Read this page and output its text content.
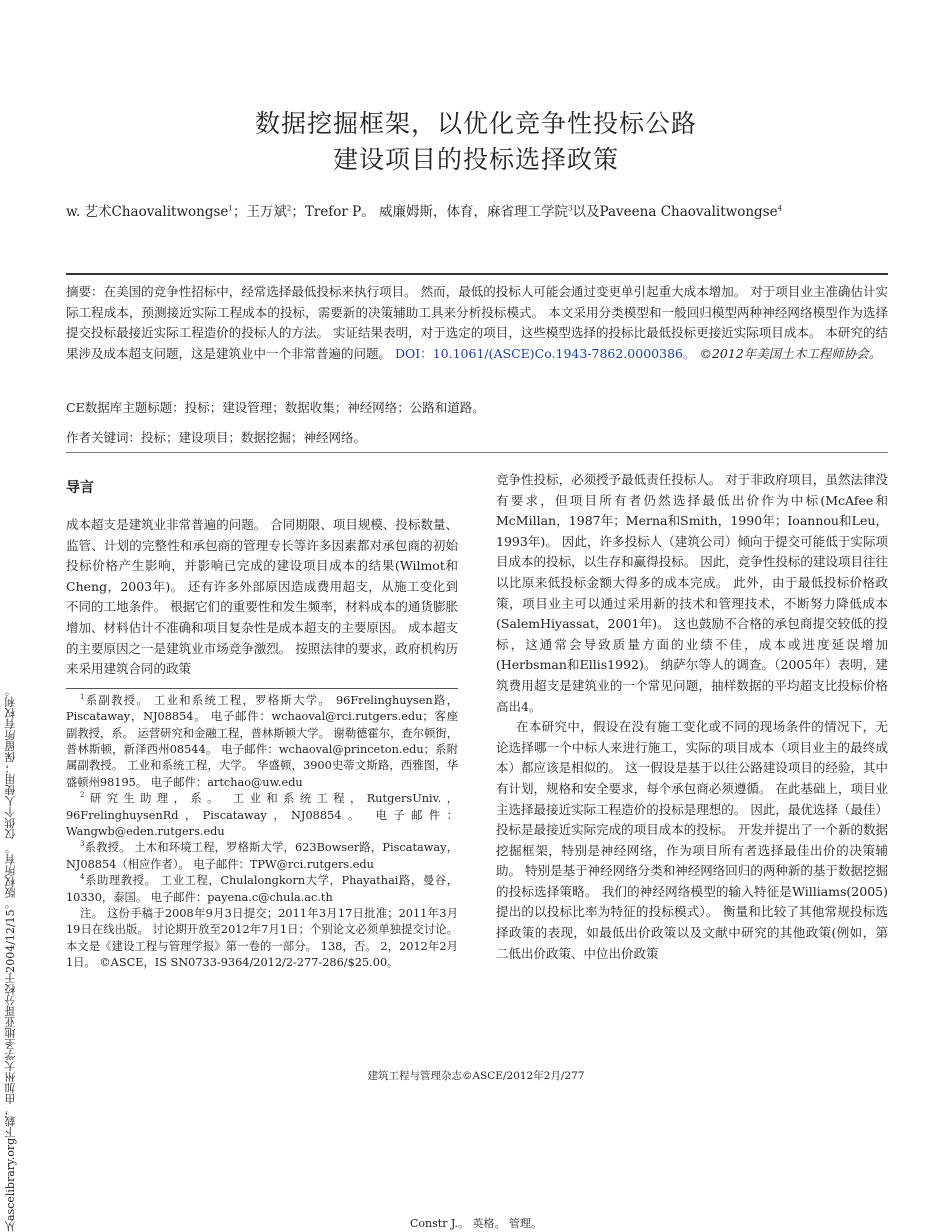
从ascelibrary.org下载，由加州大学圣地亚哥分校于2004/12/15。版权所有。 仅供个人使用；保留所有权利。
数据挖掘框架，以优化竞争性投标公路
建设项目的投标选择政策
w. 艺术Chaovalitwongse$^1$；王万斌$^2$；Trefor P。 威廉姆斯，体育，麻省理工学院$^3$以及Paveena Chaovalitwongse$^4$

摘要：在美国的竞争性招标中，经常选择最低投标来执行项目。 然而，最低的投标人可能会通过变更单引起重大成本增加。 对于项目业主准确估计实际工程成本，预测接近实际工程成本的投标，需要新的决策辅助工具来分析投标模式。 本文采用分类模型和一般回归模型两种神经网络模型作为选择提交投标最接近实际工程造价的投标人的方法。 实证结果表明，对于选定的项目，这些模型选择的投标比最低投标更接近实际项目成本。 本研究的结果涉及成本超支问题，这是建筑业中一个非常普遍的问题。 DOI：10.1061/(ASCE)Co.1943-7862.0000386。 ©2012年美国土木工程师协会。

CE数据库主题标题：投标；建设管理；数据收集；神经网络；公路和道路。
作者关键词：投标；建设项目；数据挖掘；神经网络。
导言

成本超支是建筑业非常普遍的问题。 合同期限、项目规模、投标数量、监管、计划的完整性和承包商的管理专长等许多因素都对承包商的初始投标价格产生影响，并影响已完成的建设项目成本的结果(Wilmot和Cheng，2003年)。 还有许多外部原因造成费用超支，从施工变化到不同的工地条件。 根据它们的重要性和发生频率，材料成本的通货膨胀增加、材料估计不准确和项目复杂性是成本超支的主要原因。 成本超支的主要原因之一是建筑业市场竞争激烈。 按照法律的要求，政府机构历来采用建筑合同的政策

$^1$系副教授。 工业和系统工程，罗格斯大学。 96Frelinghuysen路，Piscataway，NJ08854。 电子邮件：wchaoval@rci.rutgers.edu；客座副教授，系。 运营研究和金融工程，普林斯顿大学。 谢勒德霍尔，查尔顿街，普林斯顿，新泽西州08544。 电子邮件：wchaoval@princeton.edu；系附属副教授。 工业和系统工程，大学。 华盛顿，3900史蒂文斯路，西雅图，华盛顿州98195。 电子邮件：artchao@uw.edu

$^2$研究生助理，系。 工业和系统工程，RutgersUniv.，96FrelinghuysenRd，Piscataway，NJ08854。 电子邮件：Wangwb@eden.rutgers.edu

$^3$系教授。 土木和环境工程，罗格斯大学，623Bowser路，Piscataway，NJ08854（相应作者）。 电子邮件：TPW@rci.rutgers.edu

$^4$系助理教授。 工业工程，Chulalongkorn大学，Phayathai路，曼谷，10330，泰国。 电子邮件：payena.c@chula.ac.th

注。 这份手稿于2008年9月3日提交；2011年3月17日批准；2011年3月19日在线出版。 讨论期开放至2012年7月1日；个别论文必须单独提交讨论。 本文是《建设工程与管理学报》第一卷的一部分。 138，否。 2，2012年2月1日。 ©ASCE，IS SN0733-9364/2012/2-277-286/$25.00。

竞争性投标，必须授予最低责任投标人。 对于非政府项目，虽然法律没有要求，但项目所有者仍然选择最低出价作为中标(McAfee和McMillan，1987年；Merna和Smith，1990年；Ioannou和Leu，1993年)。 因此，许多投标人（建筑公司）倾向于提交可能低于实际项目成本的投标，以生存和赢得投标。 因此，竞争性投标的建设项目往往以比原来低投标金额大得多的成本完成。 此外，由于最低投标价格政策，项目业主可以通过采用新的技术和管理技术，不断努力降低成本(SalemHiyassat，2001年)。 这也鼓励不合格的承包商提交较低的投标，这通常会导致质量方面的业绩不佳，成本或进度延误增加(Herbsman和Ellis1992)。 纳萨尔等人的调查。（2005年）表明，建筑费用超支是建筑业的一个常见问题，抽样数据的平均超支比投标价格高出4。

在本研究中，假设在没有施工变化或不同的现场条件的情况下，无论选择哪一个中标人来进行施工，实际的项目成本（项目业主的最终成本）都应该是相似的。 这一假设是基于以往公路建设项目的经验，其中有计划，规格和安全要求，每个承包商必须遵循。 在此基础上，项目业主选择最接近实际工程造价的投标是理想的。 因此，最优选择（最佳）投标是最接近实际完成的项目成本的投标。 开发并提出了一个新的数据挖掘框架，特别是神经网络，作为项目所有者选择最佳出价的决策辅助。 特别是基于神经网络分类和神经网络回归的两种新的基于数据挖掘的投标选择策略。 我们的神经网络模型的输入特征是Williams(2005)提出的以投标比率为特征的投标模式）。 衡量和比较了其他常规投标选择政策的表现，如最低出价政策以及文献中研究的其他政策(例如，第二低出价政策、中位出价政策

建筑工程与管理杂志©ASCE/2012年2月/277
Constr J.。 英格。 管理。
